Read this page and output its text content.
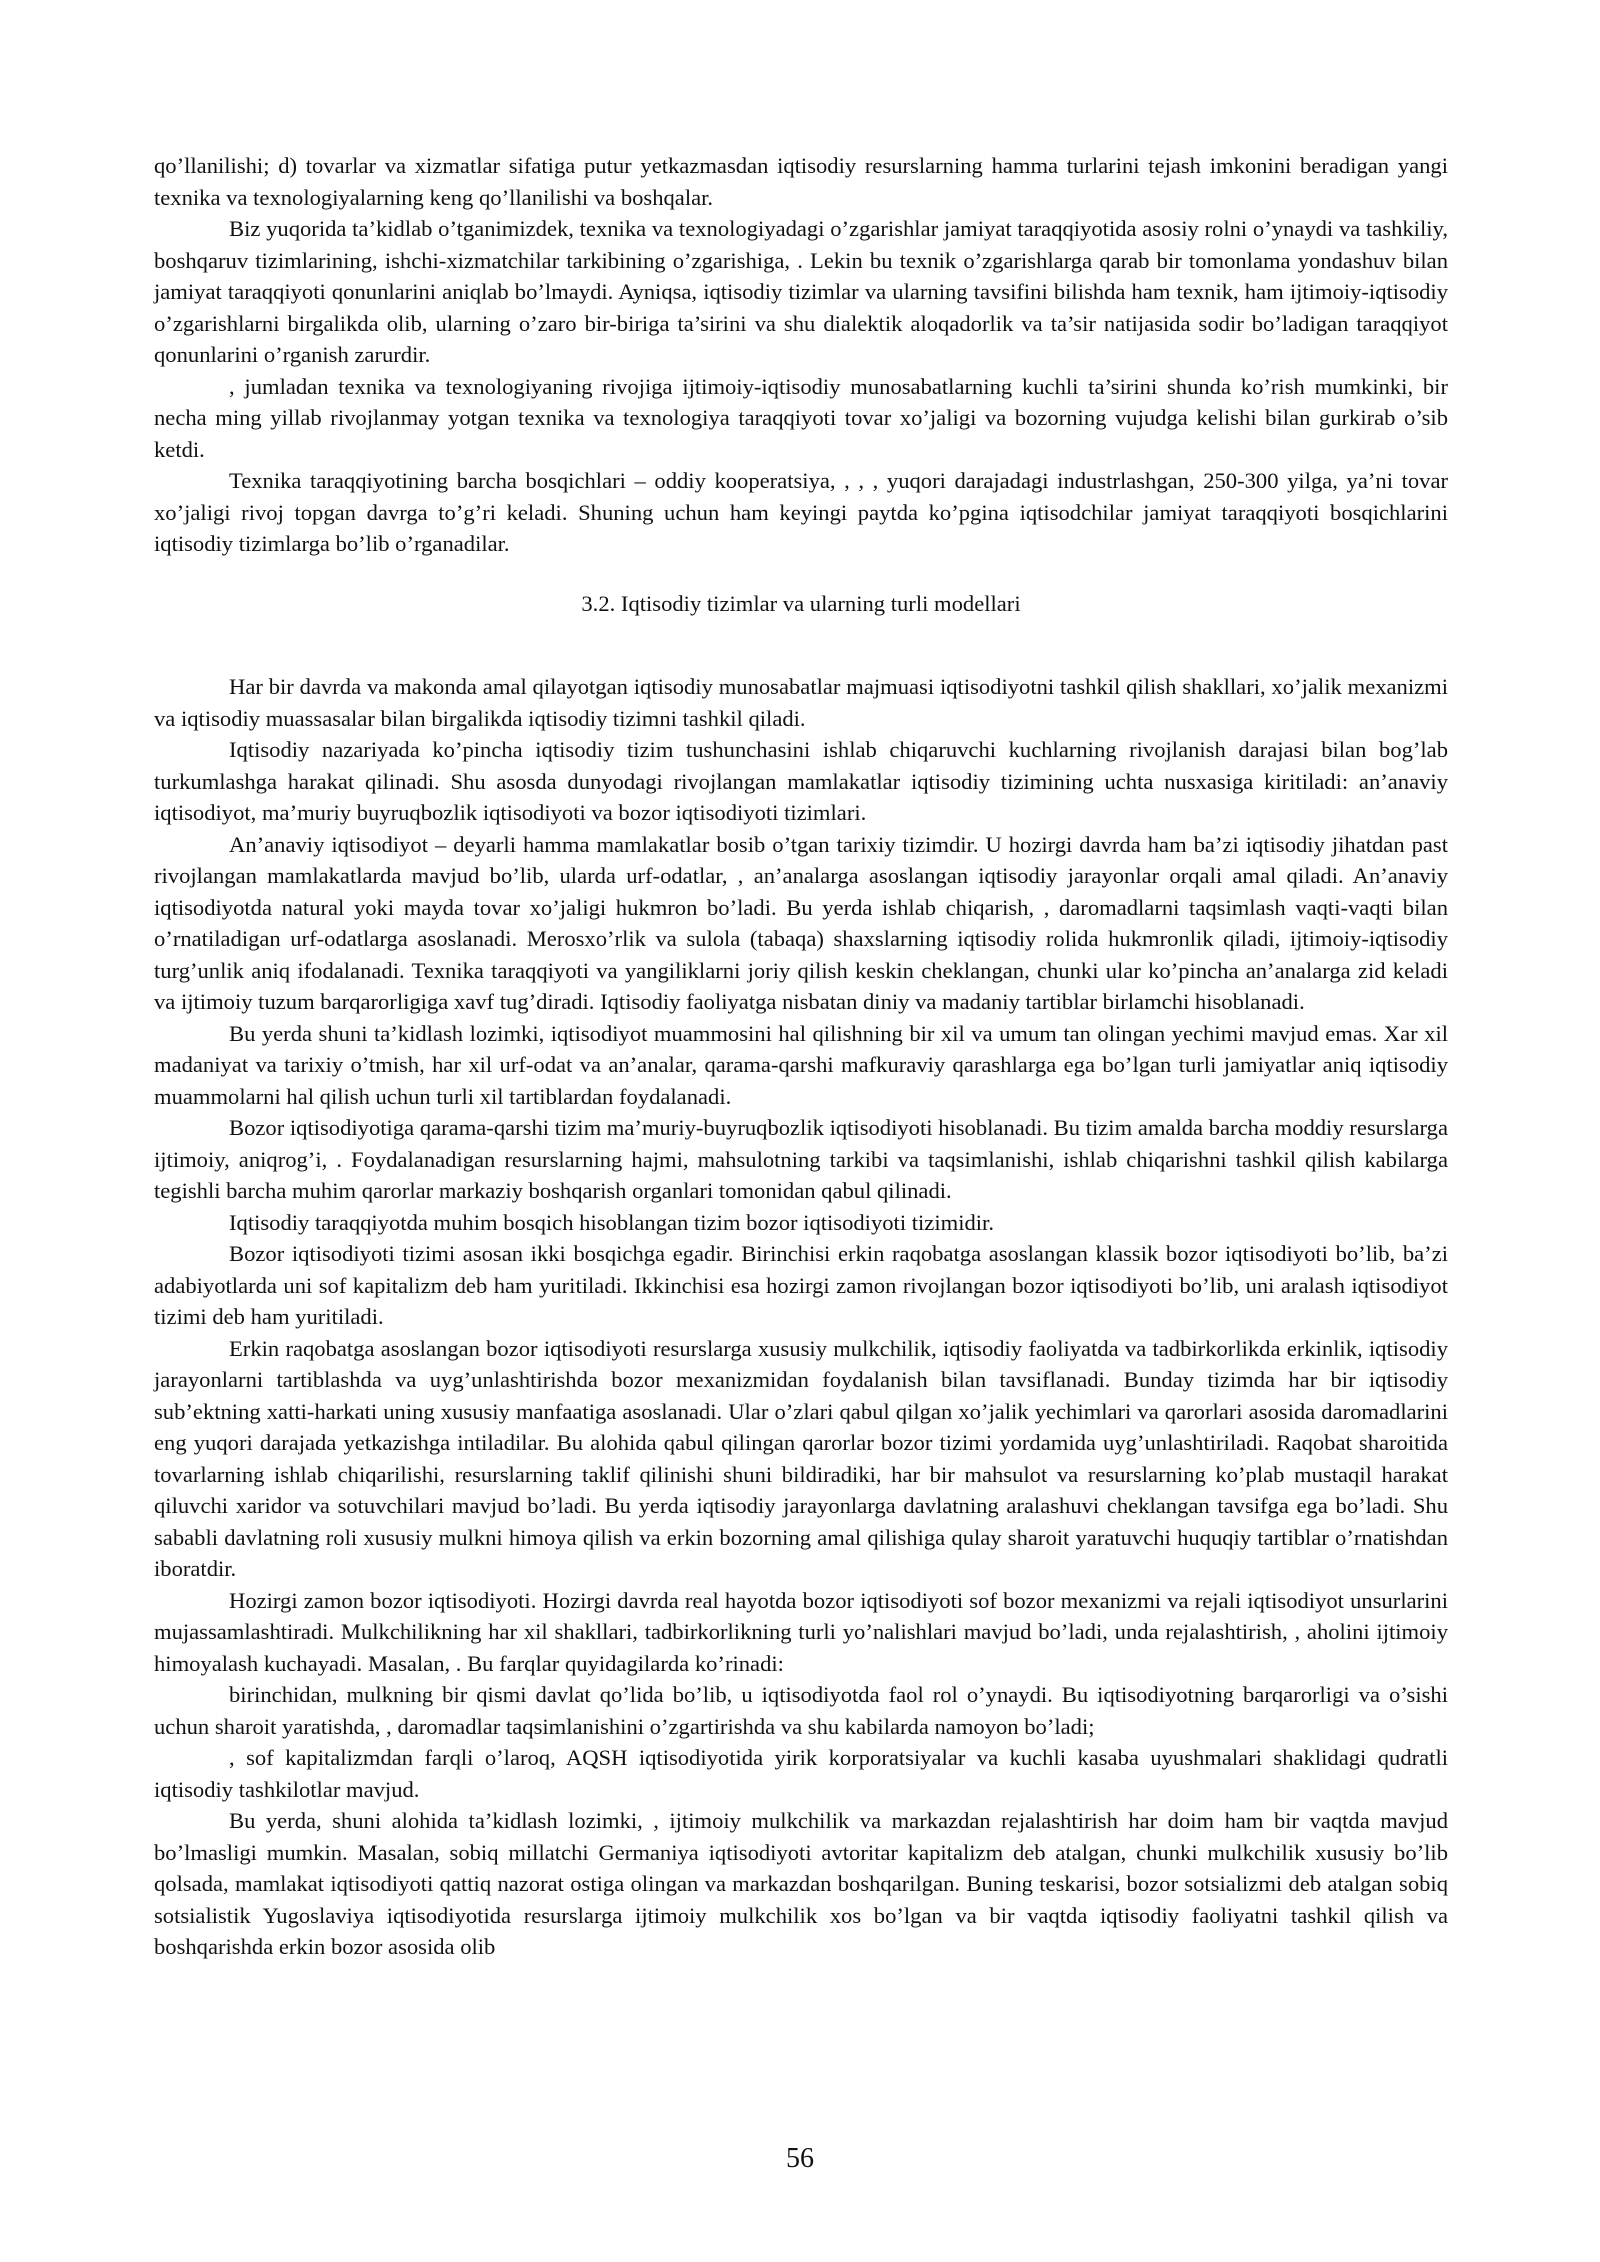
qo’llanilishi; d) tovarlar va xizmatlar sifatiga putur yetkazmasdan iqtisodiy resurslarning hamma turlarini tejash imkonini beradigan yangi texnika va texnologiyalarning keng qo’llanilishi va boshqalar.

Biz yuqorida ta’kidlab o’tganimizdek, texnika va texnologiyadagi o’zgarishlar jamiyat taraqqiyotida asosiy rolni o’ynaydi va tashkiliy, boshqaruv tizimlarining, ishchi-xizmatchilar tarkibining o’zgarishiga, . Lekin bu texnik o’zgarishlarga qarab bir tomonlama yondashuv bilan jamiyat taraqqiyoti qonunlarini aniqlab bo’lmaydi. Ayniqsa, iqtisodiy tizimlar va ularning tavsifini bilishda ham texnik, ham ijtimoiy-iqtisodiy o’zgarishlarni birgalikda olib, ularning o’zaro bir-biriga ta’sirini va shu dialektik aloqadorlik va ta’sir natijasida sodir bo’ladigan taraqqiyot qonunlarini o’rganish zarurdir.

, jumladan texnika va texnologiyaning rivojiga ijtimoiy-iqtisodiy munosabatlarning kuchli ta’sirini shunda ko’rish mumkinki, bir necha ming yillab rivojlanmay yotgan texnika va texnologiya taraqqiyoti tovar xo’jaligi va bozorning vujudga kelishi bilan gurkirab o’sib ketdi.

Texnika taraqqiyotining barcha bosqichlari – oddiy kooperatsiya, , , , yuqori darajadagi industrlashgan, 250-300 yilga, ya’ni tovar xo’jaligi rivoj topgan davrga to’g’ri keladi. Shuning uchun ham keyingi paytda ko’pgina iqtisodchilar jamiyat taraqqiyoti bosqichlarini iqtisodiy tizimlarga bo’lib o’rganadilar.

3.2. Iqtisodiy tizimlar va ularning turli modellari

Har bir davrda va makonda amal qilayotgan iqtisodiy munosabatlar majmuasi iqtisodiyotni tashkil qilish shakllari, xo’jalik mexanizmi va iqtisodiy muassasalar bilan birgalikda iqtisodiy tizimni tashkil qiladi.

Iqtisodiy nazariyada ko’pincha iqtisodiy tizim tushunchasini ishlab chiqaruvchi kuchlarning rivojlanish darajasi bilan bog’lab turkumlashga harakat qilinadi. Shu asosda dunyodagi rivojlangan mamlakatlar iqtisodiy tizimining uchta nusxasiga kiritiladi: an’anaviy iqtisodiyot, ma’muriy buyruqbozlik iqtisodiyoti va bozor iqtisodiyoti tizimlari.

An’anaviy iqtisodiyot – deyarli hamma mamlakatlar bosib o’tgan tarixiy tizimdir. U hozirgi davrda ham ba’zi iqtisodiy jihatdan past rivojlangan mamlakatlarda mavjud bo’lib, ularda urf-odatlar, , an’analarga asoslangan iqtisodiy jarayonlar orqali amal qiladi. An’anaviy iqtisodiyotda natural yoki mayda tovar xo’jaligi hukmron bo’ladi. Bu yerda ishlab chiqarish, , daromadlarni taqsimlash vaqti-vaqti bilan o’rnatiladigan urf-odatlarga asoslanadi. Merosxo’rlik va sulola (tabaqa) shaxslarning iqtisodiy rolida hukmronlik qiladi, ijtimoiy-iqtisodiy turg’unlik aniq ifodalanadi. Texnika taraqqiyoti va yangiliklarni joriy qilish keskin cheklangan, chunki ular ko’pincha an’analarga zid keladi va ijtimoiy tuzum barqarorligiga xavf tug’diradi. Iqtisodiy faoliyatga nisbatan diniy va madaniy tartiblar birlamchi hisoblanadi.

Bu yerda shuni ta’kidlash lozimki, iqtisodiyot muammosini hal qilishning bir xil va umum tan olingan yechimi mavjud emas. Xar xil madaniyat va tarixiy o’tmish, har xil urf-odat va an’analar, qarama-qarshi mafkuraviy qarashlarga ega bo’lgan turli jamiyatlar aniq iqtisodiy muammolarni hal qilish uchun turli xil tartiblardan foydalanadi.

Bozor iqtisodiyotiga qarama-qarshi tizim ma’muriy-buyruqbozlik iqtisodiyoti hisoblanadi. Bu tizim amalda barcha moddiy resurslarga ijtimoiy, aniqrog’i, . Foydalanadigan resurslarning hajmi, mahsulotning tarkibi va taqsimlanishi, ishlab chiqarishni tashkil qilish kabilarga tegishli barcha muhim qarorlar markaziy boshqarish organlari tomonidan qabul qilinadi.

Iqtisodiy taraqqiyotda muhim bosqich hisoblangan tizim bozor iqtisodiyoti tizimidir.

Bozor iqtisodiyoti tizimi asosan ikki bosqichga egadir. Birinchisi erkin raqobatga asoslangan klassik bozor iqtisodiyoti bo’lib, ba’zi adabiyotlarda uni sof kapitalizm deb ham yuritiladi. Ikkinchisi esa hozirgi zamon rivojlangan bozor iqtisodiyoti bo’lib, uni aralash iqtisodiyot tizimi deb ham yuritiladi.

Erkin raqobatga asoslangan bozor iqtisodiyoti resurslarga xususiy mulkchilik, iqtisodiy faoliyatda va tadbirkorlikda erkinlik, iqtisodiy jarayonlarni tartiblashda va uyg’unlashtirishda bozor mexanizmidan foydalanish bilan tavsiflanadi. Bunday tizimda har bir iqtisodiy sub’ektning xatti-harkati uning xususiy manfaatiga asoslanadi. Ular o’zlari qabul qilgan xo’jalik yechimlari va qarorlari asosida daromadlarini eng yuqori darajada yetkazishga intiladilar. Bu alohida qabul qilingan qarorlar bozor tizimi yordamida uyg’unlashtiriladi. Raqobat sharoitida tovarlarning ishlab chiqarilishi, resurslarning taklif qilinishi shuni bildiradiki, har bir mahsulot va resurslarning ko’plab mustaqil harakat qiluvchi xaridor va sotuvchilari mavjud bo’ladi. Bu yerda iqtisodiy jarayonlarga davlatning aralashuvi cheklangan tavsifga ega bo’ladi. Shu sababli davlatning roli xususiy mulkni himoya qilish va erkin bozorning amal qilishiga qulay sharoit yaratuvchi huquqiy tartiblar o’rnatishdan iboratdir.

Hozirgi zamon bozor iqtisodiyoti. Hozirgi davrda real hayotda bozor iqtisodiyoti sof bozor mexanizmi va rejali iqtisodiyot unsurlarini mujassamlashtiradi. Mulkchilikning har xil shakllari, tadbirkorlikning turli yo’nalishlari mavjud bo’ladi, unda rejalashtirish, , aholini ijtimoiy himoyalash kuchayadi. Masalan, . Bu farqlar quyidagilarda ko’rinadi:

birinchidan, mulkning bir qismi davlat qo’lida bo’lib, u iqtisodiyotda faol rol o’ynaydi. Bu iqtisodiyotning barqarorligi va o’sishi uchun sharoit yaratishda, , daromadlar taqsimlanishini o’zgartirishda va shu kabilarda namoyon bo’ladi;

, sof kapitalizmdan farqli o’laroq, AQSH iqtisodiyotida yirik korporatsiyalar va kuchli kasaba uyushmalari shaklidagi qudratli iqtisodiy tashkilotlar mavjud.

Bu yerda, shuni alohida ta’kidlash lozimki, , ijtimoiy mulkchilik va markazdan rejalashtirish har doim ham bir vaqtda mavjud bo’lmasligi mumkin. Masalan, sobiq millatchi Germaniya iqtisodiyoti avtoritar kapitalizm deb atalgan, chunki mulkchilik xususiy bo’lib qolsada, mamlakat iqtisodiyoti qattiq nazorat ostiga olingan va markazdan boshqarilgan. Buning teskarisi, bozor sotsializmi deb atalgan sobiq sotsialistik Yugoslaviya iqtisodiyotida resurslarga ijtimoiy mulkchilik xos bo’lgan va bir vaqtda iqtisodiy faoliyatni tashkil qilish va boshqarishda erkin bozor asosida olib

56
